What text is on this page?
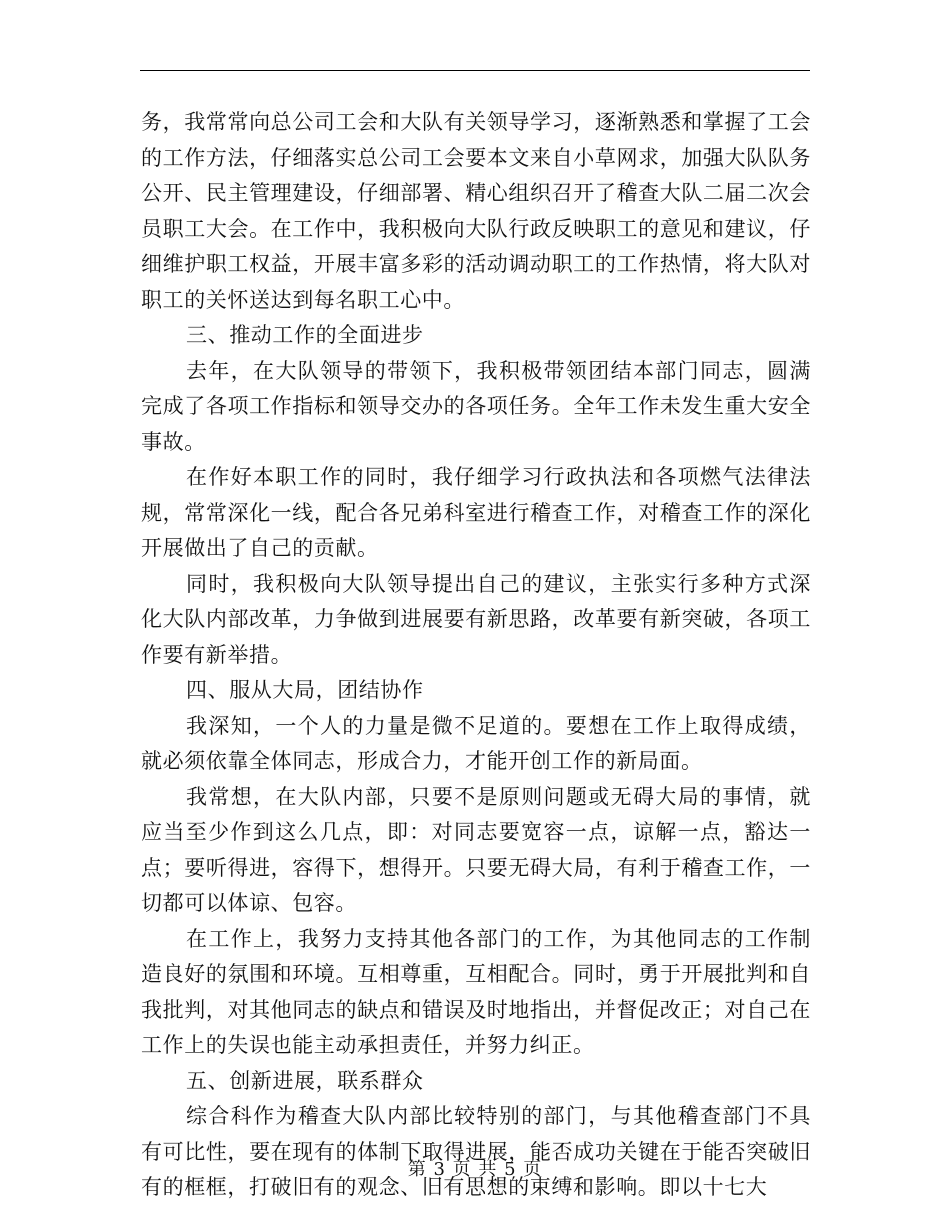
务，我常常向总公司工会和大队有关领导学习，逐渐熟悉和掌握了工会的工作方法，仔细落实总公司工会要本文来自小草网求，加强大队队务公开、民主管理建设，仔细部署、精心组织召开了稽查大队二届二次会员职工大会。在工作中，我积极向大队行政反映职工的意见和建议，仔细维护职工权益，开展丰富多彩的活动调动职工的工作热情，将大队对职工的关怀送达到每名职工心中。

三、推动工作的全面进步

去年，在大队领导的带领下，我积极带领团结本部门同志，圆满完成了各项工作指标和领导交办的各项任务。全年工作未发生重大安全事故。

在作好本职工作的同时，我仔细学习行政执法和各项燃气法律法规，常常深化一线，配合各兄弟科室进行稽查工作，对稽查工作的深化开展做出了自己的贡献。

同时，我积极向大队领导提出自己的建议，主张实行多种方式深化大队内部改革，力争做到进展要有新思路，改革要有新突破，各项工作要有新举措。

四、服从大局，团结协作

我深知，一个人的力量是微不足道的。要想在工作上取得成绩，就必须依靠全体同志，形成合力，才能开创工作的新局面。

我常想，在大队内部，只要不是原则问题或无碍大局的事情，就应当至少作到这么几点，即：对同志要宽容一点，谅解一点，豁达一点；要听得进，容得下，想得开。只要无碍大局，有利于稽查工作，一切都可以体谅、包容。

在工作上，我努力支持其他各部门的工作，为其他同志的工作制造良好的氛围和环境。互相尊重，互相配合。同时，勇于开展批判和自我批判，对其他同志的缺点和错误及时地指出，并督促改正；对自己在工作上的失误也能主动承担责任，并努力纠正。

五、创新进展，联系群众

综合科作为稽查大队内部比较特别的部门，与其他稽查部门不具有可比性，要在现有的体制下取得进展，能否成功关键在于能否突破旧有的框框，打破旧有的观念、旧有思想的束缚和影响。即以十七大

第 3 页 共 5 页
